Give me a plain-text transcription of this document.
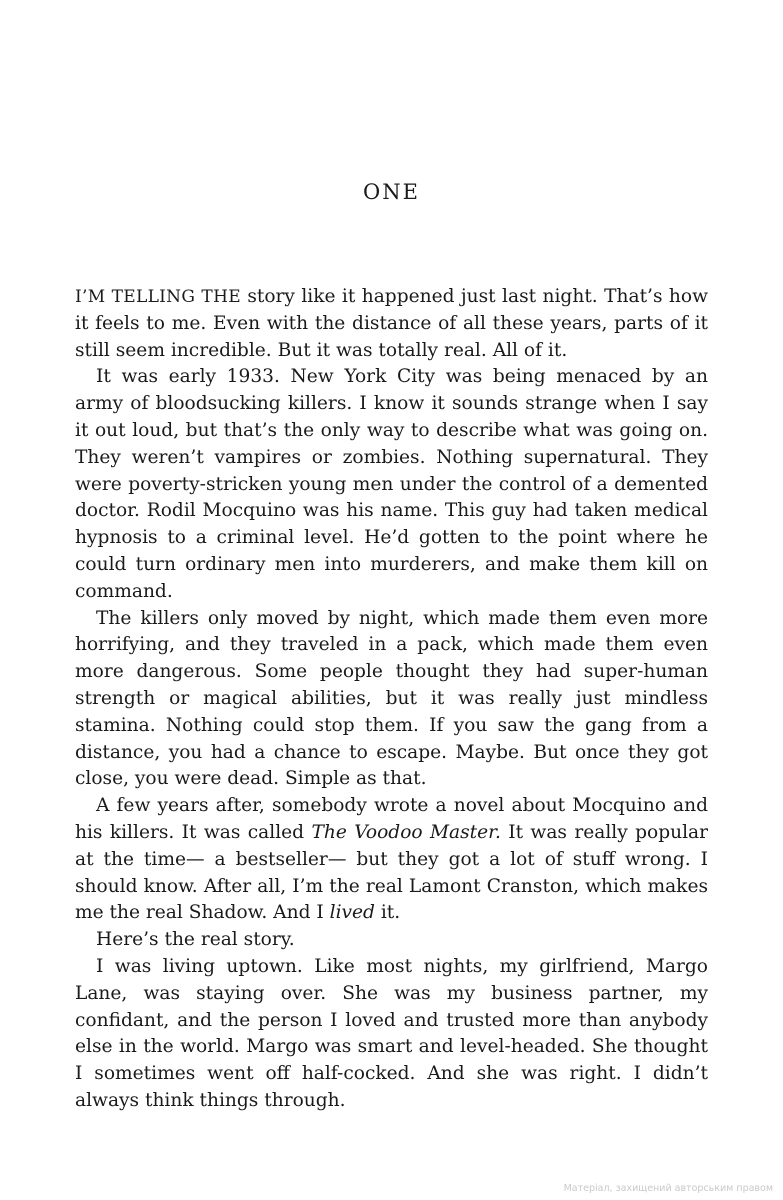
ONE

I’M TELLING THE story like it happened just last night. That’s how it feels to me. Even with the distance of all these years, parts of it still seem incredible. But it was totally real. All of it.

It was early 1933. New York City was being menaced by an army of bloodsucking killers. I know it sounds strange when I say it out loud, but that’s the only way to describe what was going on. They weren’t vampires or zombies. Nothing supernatural. They were poverty-stricken young men under the control of a demented doctor. Rodil Mocquino was his name. This guy had taken medical hypnosis to a criminal level. He’d gotten to the point where he could turn ordinary men into murderers, and make them kill on command.

The killers only moved by night, which made them even more horrifying, and they traveled in a pack, which made them even more dangerous. Some people thought they had super-human strength or magical abilities, but it was really just mindless stamina. Nothing could stop them. If you saw the gang from a distance, you had a chance to escape. Maybe. But once they got close, you were dead. Simple as that.

A few years after, somebody wrote a novel about Mocquino and his killers. It was called The Voodoo Master. It was really popular at the time— a bestseller— but they got a lot of stuff wrong. I should know. After all, I’m the real Lamont Cranston, which makes me the real Shadow. And I lived it.

Here’s the real story.

I was living uptown. Like most nights, my girlfriend, Margo Lane, was staying over. She was my business partner, my confidant, and the person I loved and trusted more than anybody else in the world. Margo was smart and level-headed. She thought I sometimes went off half-cocked. And she was right. I didn’t always think things through.

Матеріал, захищений авторським правом
